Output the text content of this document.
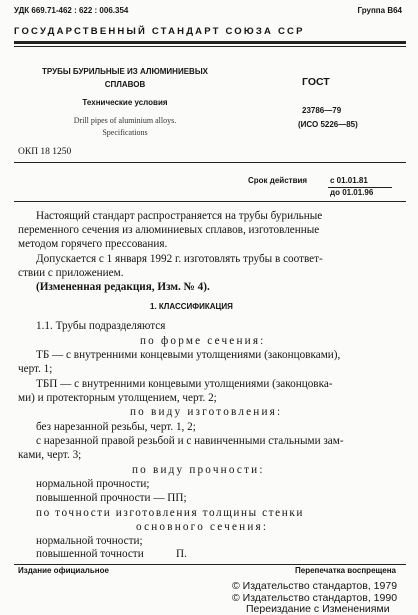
УДК 669.71-462 : 622 : 006.354	Группа В64
ГОСУДАРСТВЕННЫЙ СТАНДАРТ СОЮЗА ССР
ТРУБЫ БУРИЛЬНЫЕ ИЗ АЛЮМИНИЕВЫХ
СПЛАВОВ
Технические условия
Drill pipes of aluminium alloys.
Specifications
ГОСТ
23786—79
(ИСО 5226—85)
ОКП 18 1250
Срок действия	с 01.01.81
до 01.01.96
Настоящий стандарт распространяется на трубы бурильные
переменного сечения из алюминиевых сплавов, изготовленные
методом горячего прессования.
Допускается с 1 января 1992 г. изготовлять трубы в соответ-
ствии с приложением.
(Измененная редакция, Изм. № 4).
1. КЛАССИФИКАЦИЯ
1.1. Трубы подразделяются
по форме сечения:
ТБ — с внутренними концевыми утолщениями (законцовками),
черт. 1;
ТБП — с внутренними концевыми утолщениями (законцовка-
ми) и протекторным утолщением, черт. 2;
по виду изготовления:
без нарезанной резьбы, черт. 1, 2;
с нарезанной правой резьбой и с навинченными стальными зам-
ками, черт. 3;
по виду прочности:
нормальной прочности;
повышенной прочности — ПП;
по точности изготовления толщины стенки
основного сечения:
нормальной точности;
повышенной точности	П.
Издание официальное	Перепечатка воспрещена
© Издательство стандартов, 1979
© Издательство стандартов, 1990
Переиздание с Изменениями
